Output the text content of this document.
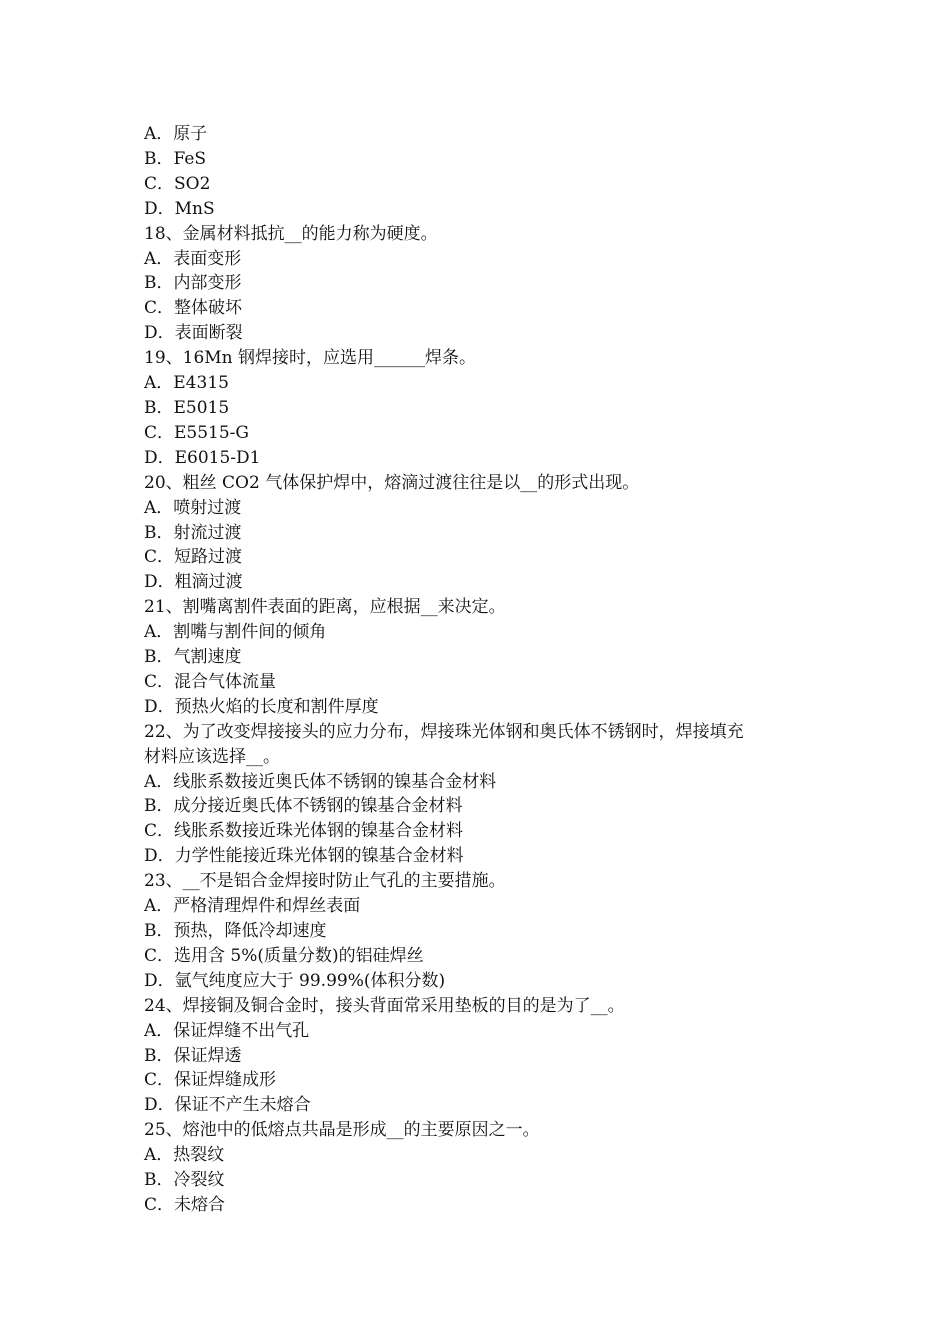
A．原子
B．FeS
C．SO2
D．MnS
18、金属材料抵抗__的能力称为硬度。
A．表面变形
B．内部变形
C．整体破坏
D．表面断裂
19、16Mn 钢焊接时，应选用______焊条。
A．E4315
B．E5015
C．E5515-G
D．E6015-D1
20、粗丝 CO2 气体保护焊中，熔滴过渡往往是以__的形式出现。
A．喷射过渡
B．射流过渡
C．短路过渡
D．粗滴过渡
21、割嘴离割件表面的距离，应根据__来决定。
A．割嘴与割件间的倾角
B．气割速度
C．混合气体流量
D．预热火焰的长度和割件厚度
22、为了改变焊接接头的应力分布，焊接珠光体钢和奥氏体不锈钢时，焊接填充
材料应该选择__。
A．线胀系数接近奥氏体不锈钢的镍基合金材料
B．成分接近奥氏体不锈钢的镍基合金材料
C．线胀系数接近珠光体钢的镍基合金材料
D．力学性能接近珠光体钢的镍基合金材料
23、__不是铝合金焊接时防止气孔的主要措施。
A．严格清理焊件和焊丝表面
B．预热，降低冷却速度
C．选用含 5%(质量分数)的铝硅焊丝
D．氩气纯度应大于 99.99%(体积分数)
24、焊接铜及铜合金时，接头背面常采用垫板的目的是为了__。
A．保证焊缝不出气孔
B．保证焊透
C．保证焊缝成形
D．保证不产生未熔合
25、熔池中的低熔点共晶是形成__的主要原因之一。
A．热裂纹
B．冷裂纹
C．未熔合
